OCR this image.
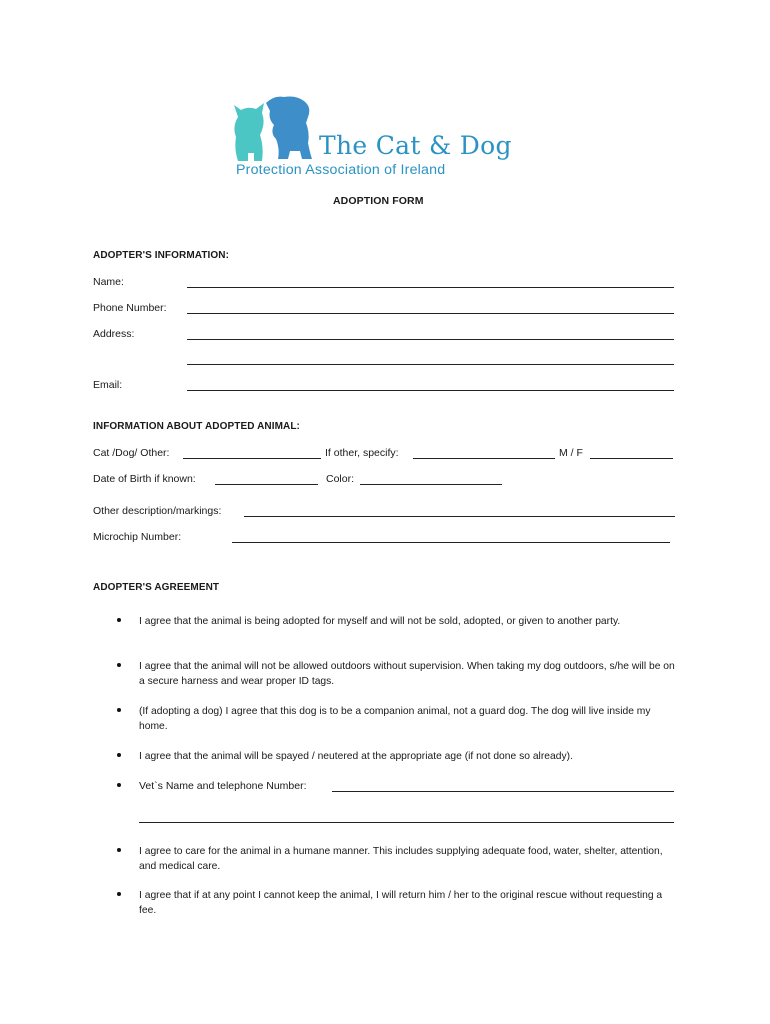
The Cat & Dog
Protection Association of Ireland
ADOPTION FORM
ADOPTER'S INFORMATION:
Name:
Phone Number:
Address:
Email:
INFORMATION ABOUT ADOPTED ANIMAL:
Cat /Dog/ Other:	If other, specify:	M / F
Date of Birth if known:	Color:
Other description/markings:
Microchip Number:
ADOPTER'S AGREEMENT
I agree that the animal is being adopted for myself and will not be sold, adopted, or given to another party.
I agree that the animal will not be allowed outdoors without supervision. When taking my dog outdoors, s/he will be on a secure harness and wear proper ID tags.
(If adopting a dog) I agree that this dog is to be a companion animal, not a guard dog. The dog will live inside my home.
I agree that the animal will be spayed / neutered at the appropriate age (if not done so already).
Vet`s Name and telephone Number:
I agree to care for the animal in a humane manner. This includes supplying adequate food, water, shelter, attention, and medical care.
I agree that if at any point I cannot keep the animal, I will return him / her to the original rescue without requesting a fee.
